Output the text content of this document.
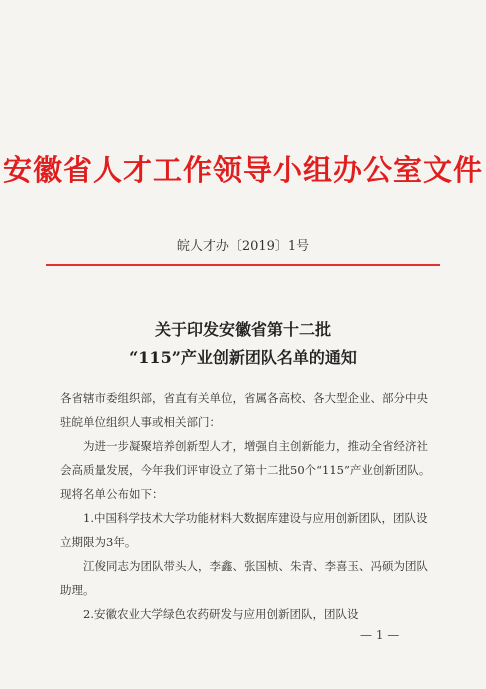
安徽省人才工作领导小组办公室文件
皖人才办〔2019〕1号
关于印发安徽省第十二批
“115”产业创新团队名单的通知

各省辖市委组织部，省直有关单位，省属各高校、各大型企业、部分中央驻皖单位组织人事或相关部门：

为进一步凝聚培养创新型人才，增强自主创新能力，推动全省经济社会高质量发展，今年我们评审设立了第十二批50个“115”产业创新团队。现将名单公布如下：

1.中国科学技术大学功能材料大数据库建设与应用创新团队，团队设立期限为3年。

江俊同志为团队带头人，李鑫、张国桢、朱青、李喜玉、冯硕为团队助理。

2.安徽农业大学绿色农药研发与应用创新团队，团队设

— 1 —
